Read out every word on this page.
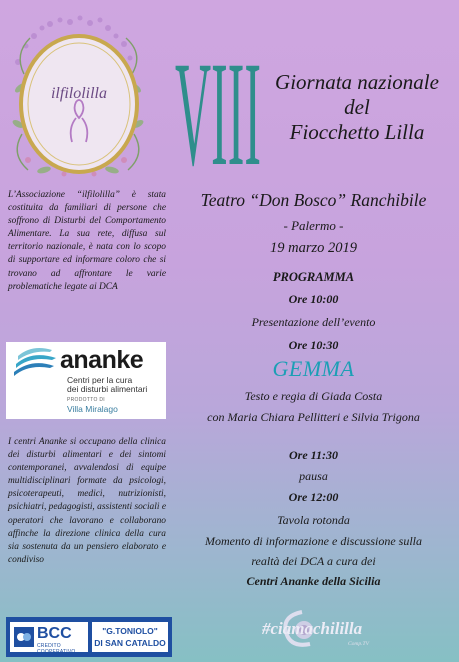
ilfilolilla VIII Giornata nazionale
del
Fiocchetto Lilla
L’Associazione “ilfilolilla” è stata costituita da familiari di persone che soffrono di Disturbi del Comportamento Alimentare. La sua rete, diffusa sul territorio nazionale, è nata con lo scopo di supportare ed informare coloro che si trovano ad affrontare le varie problematiche legate ai DCA
ananke
Centri per la cura
dei disturbi alimentari
PRODOTTO DI
Villa Miralago
I centri Ananke si occupano della clinica dei disturbi alimentari e dei sintomi contemporanei, avvalendosi di equipe multidisciplinari formate da psicologi, psicoterapeuti, medici, nutrizionisti, psichiatri, pedagogisti, assistenti sociali e operatori che lavorano e collaborano affinche la direzione clinica della cura sia sostenuta da un pensiero elaborato e condiviso
Teatro “Don Bosco” Ranchibile
- Palermo -
19 marzo 2019
PROGRAMMA
Ore 10:00
Presentazione dell’evento
Ore 10:30
GEMMA
Testo e regia di Giada Costa
con Maria Chiara Pellitteri e Silvia Trigona
Ore 11:30
pausa
Ore 12:00
Tavola rotonda
Momento di informazione e discussione sulla
realtà dei DCA a cura dei
Centri Ananke della Sicilia
BCC
CREDITO COOPERATIVO
"G.TONIOLO"
DI SAN CATALDO
#ciamachililla
Comp.TV
